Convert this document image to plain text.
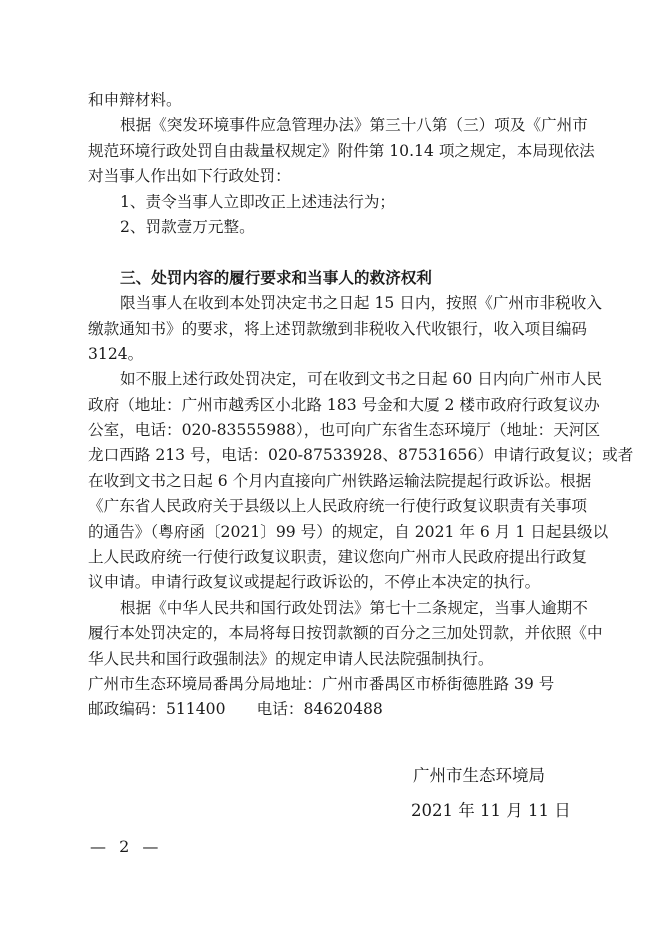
和申辩材料。
根据《突发环境事件应急管理办法》第三十八第（三）项及《广州市
规范环境行政处罚自由裁量权规定》附件第 10.14 项之规定，本局现依法
对当事人作出如下行政处罚：
1、责令当事人立即改正上述违法行为；
2、罚款壹万元整。
三、处罚内容的履行要求和当事人的救济权利
限当事人在收到本处罚决定书之日起 15 日内，按照《广州市非税收入
缴款通知书》的要求，将上述罚款缴到非税收入代收银行，收入项目编码
3124。
如不服上述行政处罚决定，可在收到文书之日起 60 日内向广州市人民
政府（地址：广州市越秀区小北路 183 号金和大厦 2 楼市政府行政复议办
公室，电话：020-83555988），也可向广东省生态环境厅（地址：天河区
龙口西路 213 号，电话：020-87533928、87531656）申请行政复议；或者
在收到文书之日起 6 个月内直接向广州铁路运输法院提起行政诉讼。根据
《广东省人民政府关于县级以上人民政府统一行使行政复议职责有关事项
的通告》（粤府函〔2021〕99 号）的规定，自 2021 年 6 月 1 日起县级以
上人民政府统一行使行政复议职责，建议您向广州市人民政府提出行政复
议申请。申请行政复议或提起行政诉讼的，不停止本决定的执行。
根据《中华人民共和国行政处罚法》第七十二条规定，当事人逾期不
履行本处罚决定的，本局将每日按罚款额的百分之三加处罚款，并依照《中
华人民共和国行政强制法》的规定申请人民法院强制执行。
广州市生态环境局番禺分局地址：广州市番禺区市桥街德胜路 39 号
邮政编码：511400　　电话：84620488
广州市生态环境局
2021 年 11 月 11 日
— 2 —
